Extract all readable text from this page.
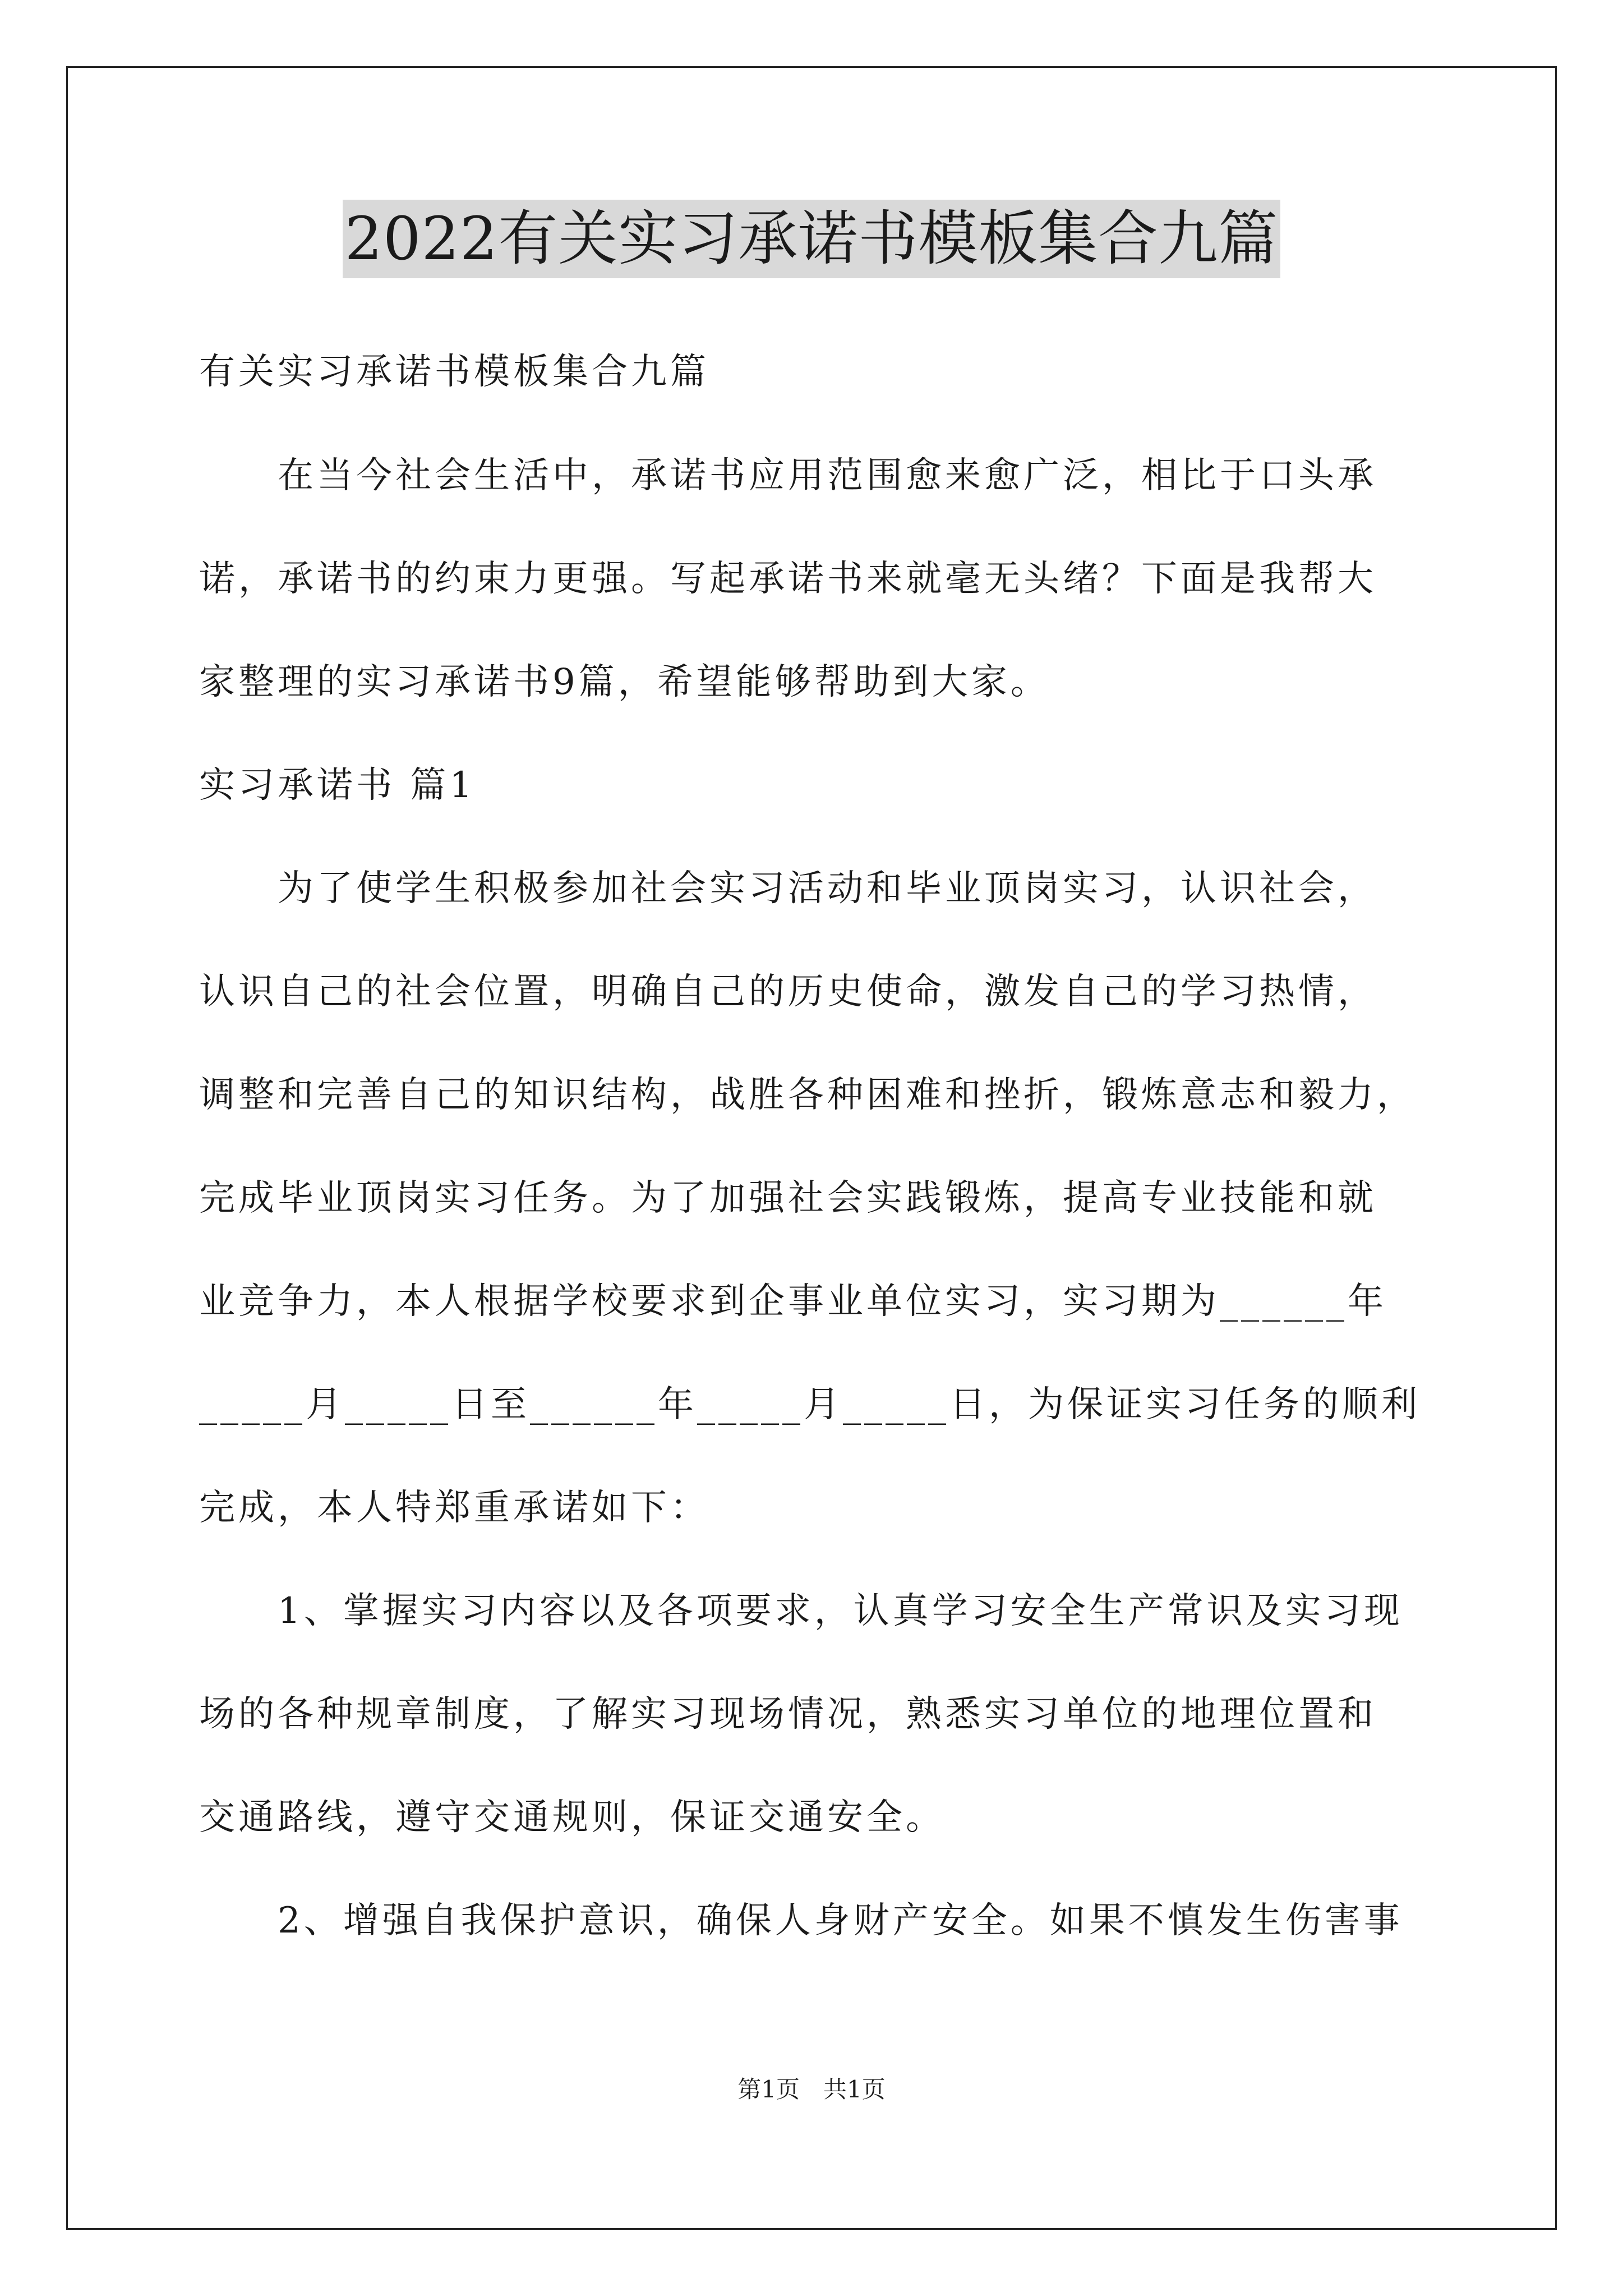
2022有关实习承诺书模板集合九篇
有关实习承诺书模板集合九篇
　　在当今社会生活中，承诺书应用范围愈来愈广泛，相比于口头承
诺，承诺书的约束力更强。写起承诺书来就毫无头绪？下面是我帮大
家整理的实习承诺书9篇，希望能够帮助到大家。
实习承诺书 篇1
　　为了使学生积极参加社会实习活动和毕业顶岗实习，认识社会，
认识自己的社会位置，明确自己的历史使命，激发自己的学习热情，
调整和完善自己的知识结构，战胜各种困难和挫折，锻炼意志和毅力，
完成毕业顶岗实习任务。为了加强社会实践锻炼，提高专业技能和就
业竞争力，本人根据学校要求到企事业单位实习，实习期为______年
_____月_____日至______年_____月_____日，为保证实习任务的顺利
完成，本人特郑重承诺如下：
　　1、掌握实习内容以及各项要求，认真学习安全生产常识及实习现
场的各种规章制度，了解实习现场情况，熟悉实习单位的地理位置和
交通路线，遵守交通规则，保证交通安全。
　　2、增强自我保护意识，确保人身财产安全。如果不慎发生伤害事
第1页　共1页
